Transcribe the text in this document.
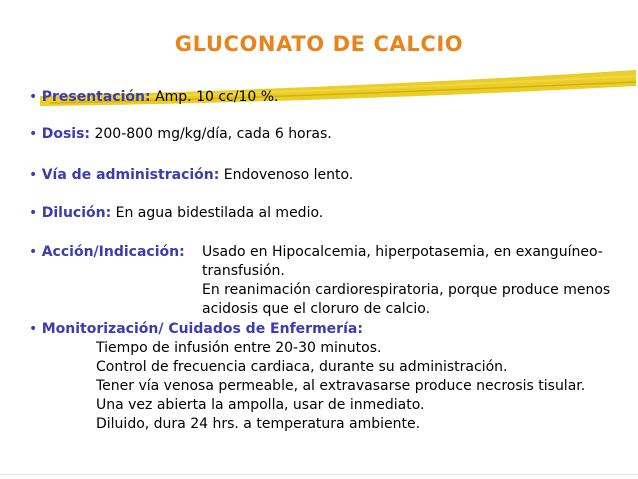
GLUCONATO DE CALCIO
• Presentación: Amp. 10 cc/10 %.
• Dosis: 200-800 mg/kg/día, cada 6 horas.
• Vía de administración: Endovenoso lento.
• Dilución: En agua bidestilada al medio.
• Acción/Indicación: Usado en Hipocalcemia, hiperpotasemia, en exanguíneo-
transfusión.
En reanimación cardiorespiratoria, porque produce menos
acidosis que el cloruro de calcio.
• Monitorización/ Cuidados de Enfermería:
Tiempo de infusión entre 20-30 minutos.
Control de frecuencia cardiaca, durante su administración.
Tener vía venosa permeable, al extravasarse produce necrosis tisular.
Una vez abierta la ampolla, usar de inmediato.
Diluido, dura 24 hrs. a temperatura ambiente.
